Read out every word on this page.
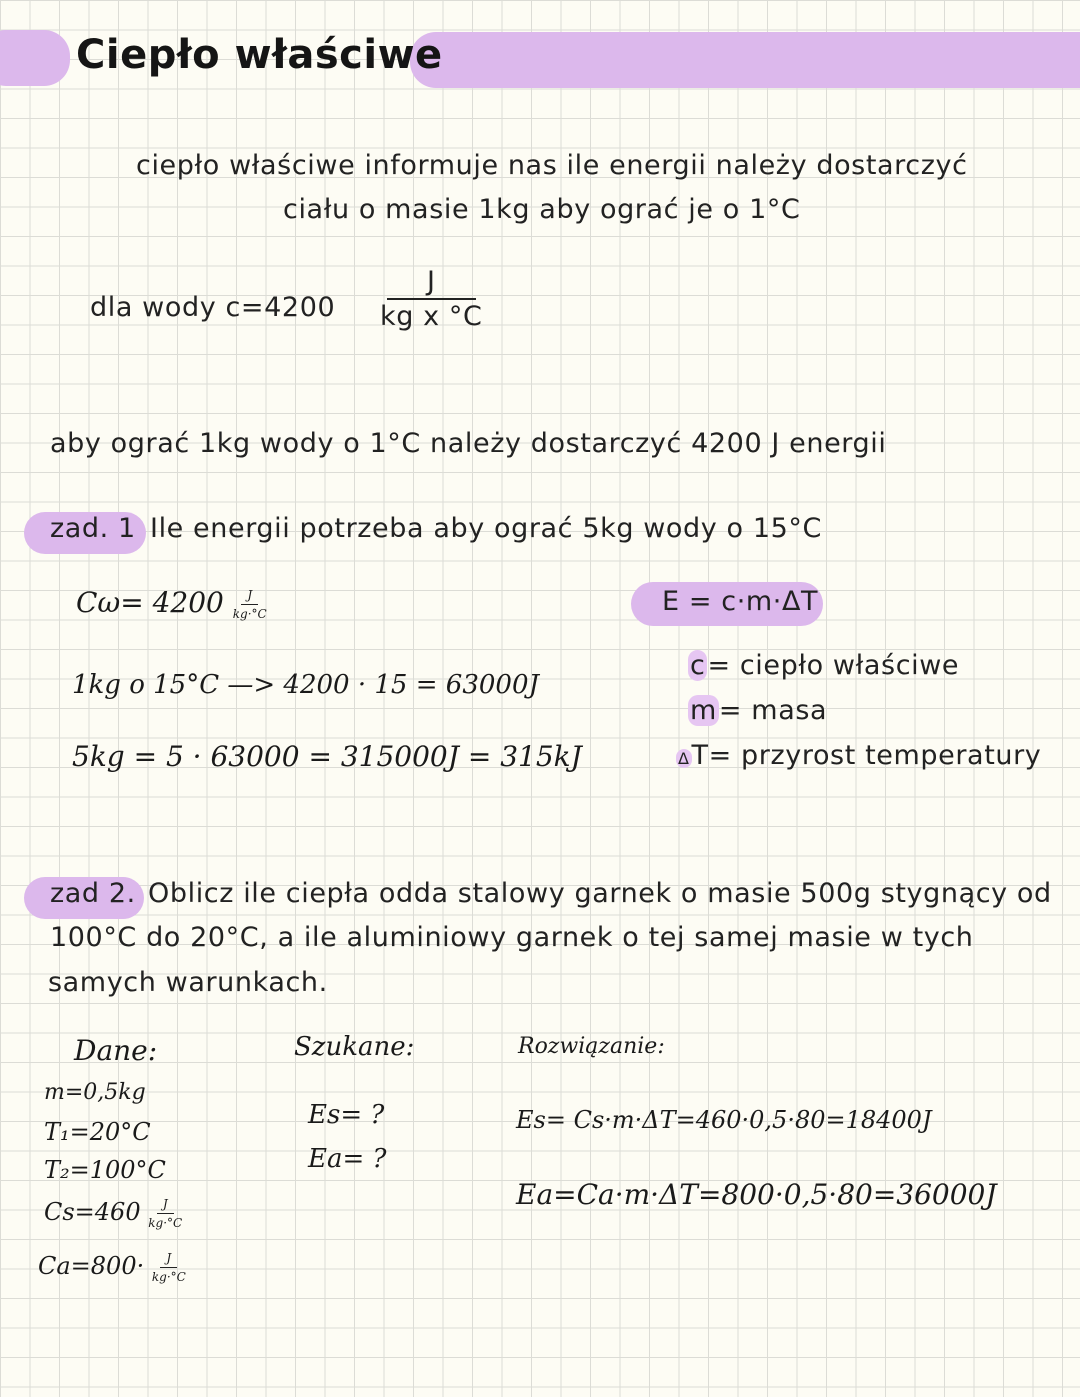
Ciepło właściwe
ciepło właściwe informuje nas ile energii należy dostarczyć
ciału o masie 1kg aby ograć je o 1°C
dla wody $c=4200 \frac{J}{\text{kg x °C}}$
aby ograć 1kg wody o 1°C należy dostarczyć 4200 J energii
zad. 1 Ile energii potrzeba aby ograć 5kg wody o 15°C
$C\omega= 4200 \frac{J}{kg\cdot^\circ C}$
1kg o 15°C —> 4200 · 15 = 63000J
5kg = 5 · 63000 = 315000J = 315kJ
E = c·m·ΔT
c= ciepło właściwe
m= masa
ΔT= przyrost temperatury
zad 2. Oblicz ile ciepła odda stalowy garnek o masie 500g stygnący od
100°C do 20°C, a ile aluminiowy garnek o tej samej masie w tych
samych warunkach.
Dane:
m=0,5kg
T₁=20°C
T₂=100°C
$Cs=460 \frac{J}{kg\cdot^\circ C}$
$Ca=800\cdot \frac{J}{kg\cdot^\circ C}$
Szukane:
Es= ?
Ea= ?
Rozwiązanie:
Es= Cs·m·ΔT=460·0,5·80=18400J
Ea=Ca·m·ΔT=800·0,5·80=36000J
